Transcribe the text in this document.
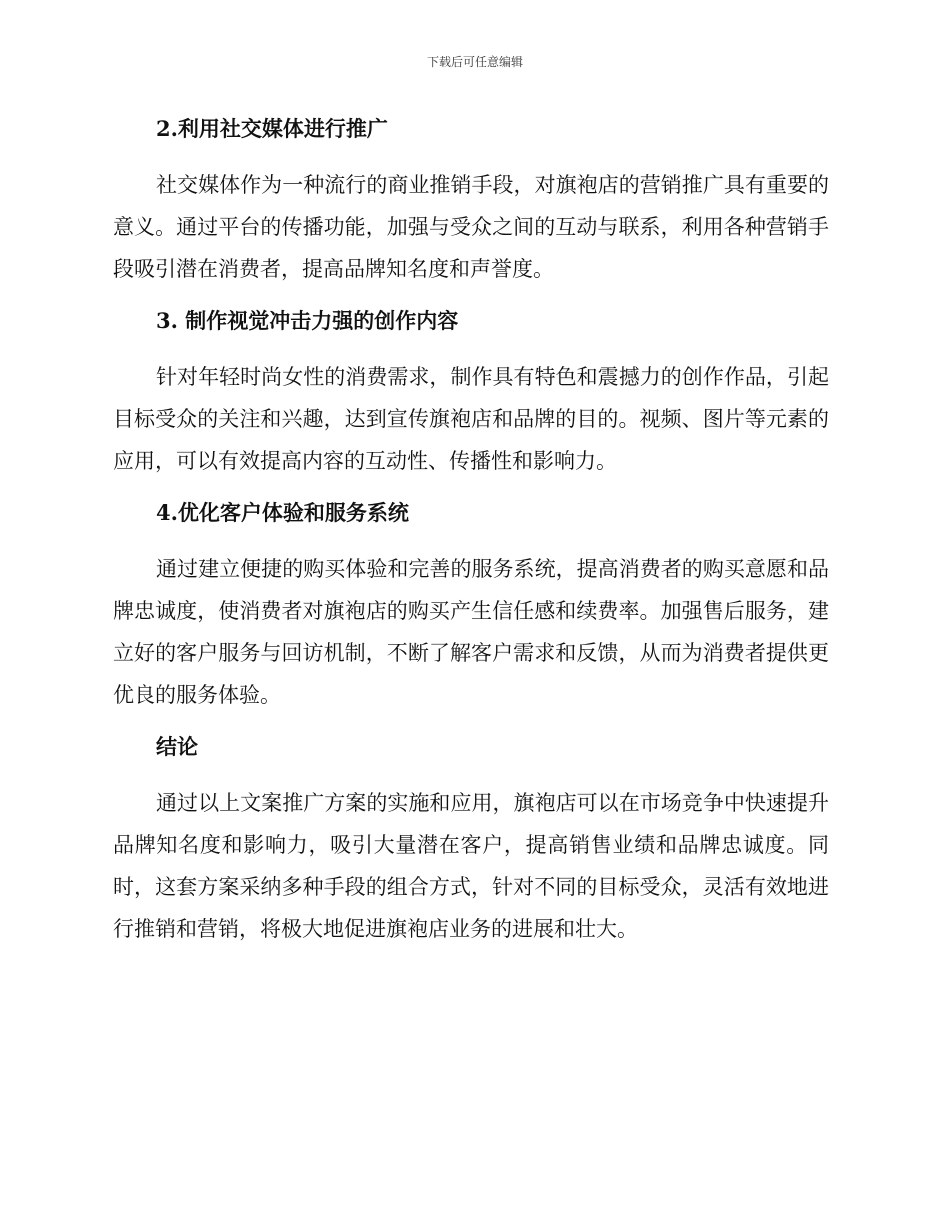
下载后可任意编辑
2.利用社交媒体进行推广

社交媒体作为一种流行的商业推销手段，对旗袍店的营销推广具有重要的意义。通过平台的传播功能，加强与受众之间的互动与联系，利用各种营销手段吸引潜在消费者，提高品牌知名度和声誉度。

3. 制作视觉冲击力强的创作内容

针对年轻时尚女性的消费需求，制作具有特色和震撼力的创作作品，引起目标受众的关注和兴趣，达到宣传旗袍店和品牌的目的。视频、图片等元素的应用，可以有效提高内容的互动性、传播性和影响力。

4.优化客户体验和服务系统

通过建立便捷的购买体验和完善的服务系统，提高消费者的购买意愿和品牌忠诚度，使消费者对旗袍店的购买产生信任感和续费率。加强售后服务，建立好的客户服务与回访机制，不断了解客户需求和反馈，从而为消费者提供更优良的服务体验。

结论

通过以上文案推广方案的实施和应用，旗袍店可以在市场竞争中快速提升品牌知名度和影响力，吸引大量潜在客户，提高销售业绩和品牌忠诚度。同时，这套方案采纳多种手段的组合方式，针对不同的目标受众，灵活有效地进行推销和营销，将极大地促进旗袍店业务的进展和壮大。
